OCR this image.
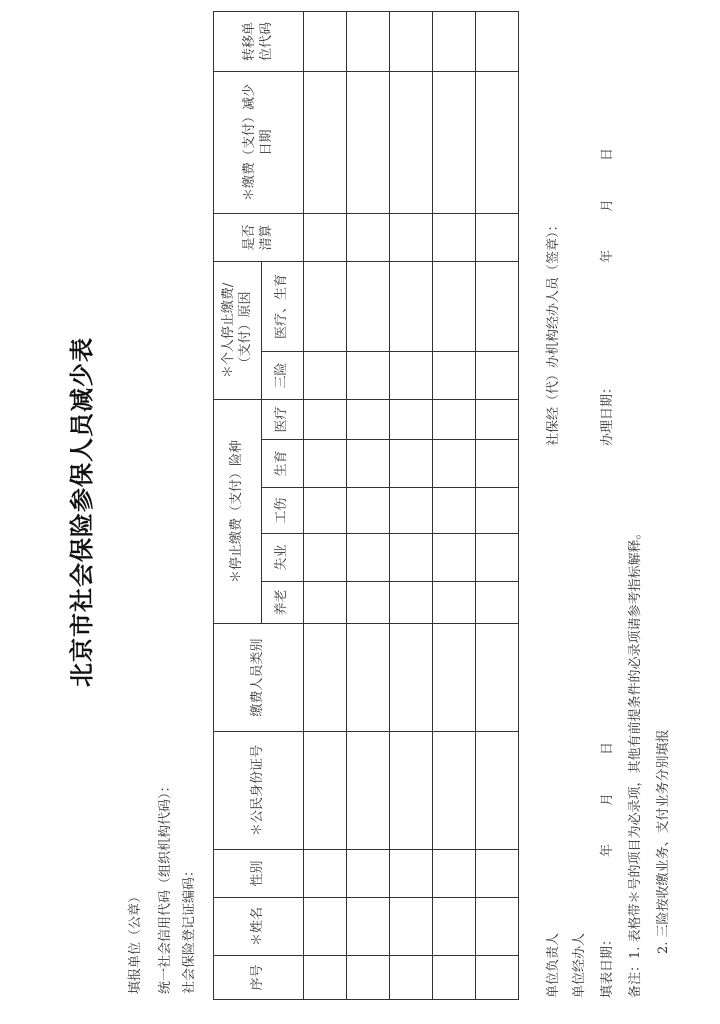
北京市社会保险参保人员减少表
填报单位（公章）	统一社会信用代码（组织机构代码）： 社会保险登记证编码：	序号	＊姓名	性别	＊公民身份证号	缴费人员类别	＊停止缴费（支付）险种					＊个人停止缴费/（支付）原因		是否清算	＊缴费（支付）减少日期	转移单位代码
					养老	失业	工伤	生育	医疗	三险	医疗、生育			

单位负责人 单位经办人	填表日期：年月日	备注：1. 表格带＊号的项目为必录项，其他有前提条件的必录项请参考指标解释。	2. 三险按收缴业务、支付业务分别填报
社保经（代）办机构经办人员（签章）：	办理日期：年月日
